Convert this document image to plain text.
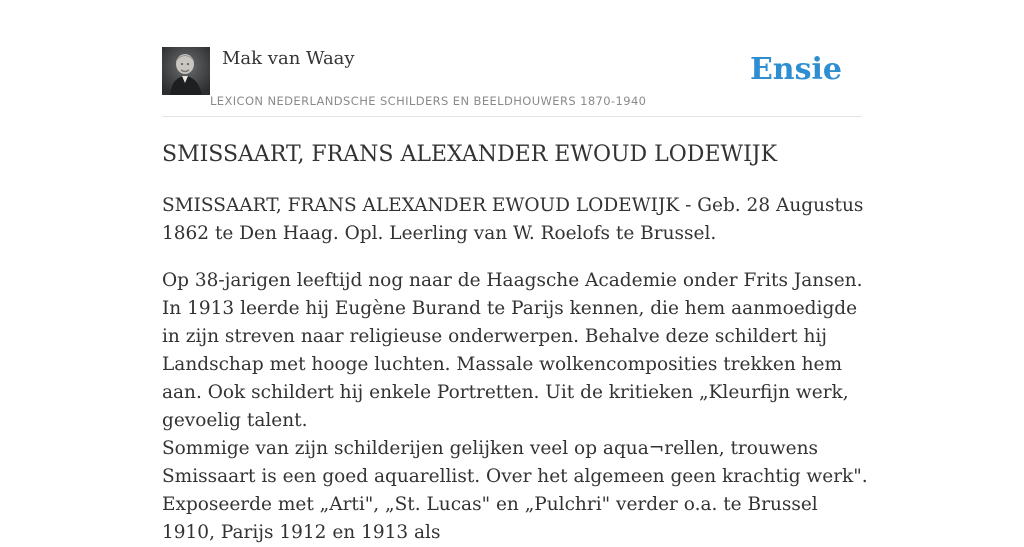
Mak van Waay
LEXICON NEDERLANDSCHE SCHILDERS EN BEELDHOUWERS 1870-1940
Ensie
SMISSAART, FRANS ALEXANDER EWOUD LODEWIJK

SMISSAART, FRANS ALEXANDER EWOUD LODEWIJK - Geb. 28 Augustus 1862 te Den Haag. Opl. Leerling van W. Roelofs te Brussel.

Op 38-jarigen leeftijd nog naar de Haagsche Academie onder Frits Jansen. In 1913 leerde hij Eugène Burand te Parijs kennen, die hem aanmoedigde in zijn streven naar religieuse onderwerpen. Behalve deze schildert hij Landschap met hooge luchten. Massale wolkencomposities trekken hem aan. Ook schildert hij enkele Portretten. Uit de kritieken „Kleurfijn werk, gevoelig talent.

Sommige van zijn schilderijen gelijken veel op aqua¬rellen, trouwens Smissaart is een goed aquarellist. Over het algemeen geen krachtig werk". Exposeerde met „Arti", „St. Lucas" en „Pulchri" verder o.a. te Brussel 1910, Parijs 1912 en 1913 als
